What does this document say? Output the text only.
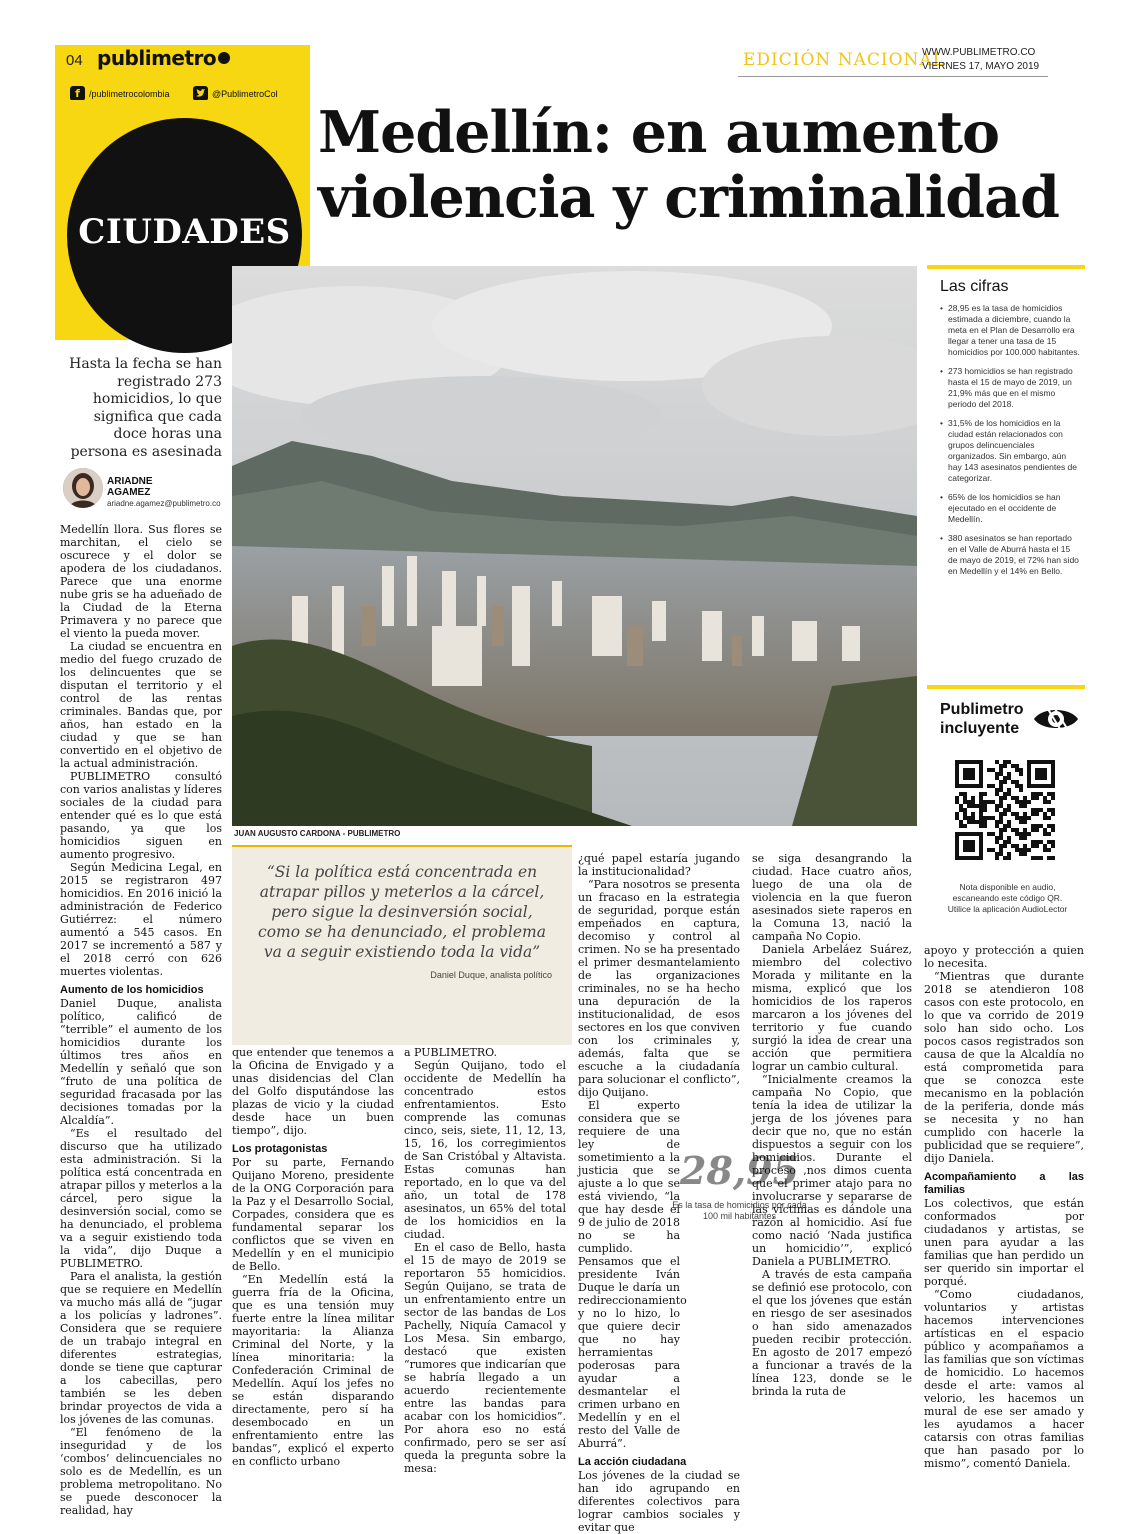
04 publimetro
f	/publimetrocolombia	@PublimetroCol
EDICIÓN NACIONAL
WWW.PUBLIMETRO.CO
VIERNES 17, MAYO 2019
CIUDADES
Medellín: en aumento violencia y criminalidad
JUAN AUGUSTO CARDONA - PUBLIMETRO
Hasta la fecha se han registrado 273 homicidios, lo que significa que cada doce horas una persona es asesinada
ARIADNE
AGAMEZ
ariadne.agamez@publimetro.co

Medellín llora. Sus flores se marchitan, el cielo se oscurece y el dolor se apodera de los ciudadanos. Parece que una enorme nube gris se ha adueñado de la Ciudad de la Eterna Primavera y no parece que el viento la pueda mover.

La ciudad se encuentra en medio del fuego cruzado de los delincuentes que se disputan el territorio y el control de las rentas criminales. Bandas que, por años, han estado en la ciudad y que se han convertido en el objetivo de la actual administración.

PUBLIMETRO consultó con varios analistas y líderes sociales de la ciudad para entender qué es lo que está pasando, ya que los homicidios siguen en aumento progresivo.

Según Medicina Legal, en 2015 se registraron 497 homicidios. En 2016 inició la administración de Federico Gutiérrez: el número aumentó a 545 casos. En 2017 se incrementó a 587 y el 2018 cerró con 626 muertes violentas.

Aumento de los homicidios

Daniel Duque, analista político, calificó de “terrible” el aumento de los homicidios durante los últimos tres años en Medellín y señaló que son “fruto de una política de seguridad fracasada por las decisiones tomadas por la Alcaldía”.

“Es el resultado del discurso que ha utilizado esta administración. Si la política está concentrada en atrapar pillos y meterlos a la cárcel, pero sigue la desinversión social, como se ha denunciado, el problema va a seguir existiendo toda la vida”, dijo Duque a PUBLIMETRO.

Para el analista, la gestión que se requiere en Medellín va mucho más allá de “jugar a los policías y ladrones”. Considera que se requiere de un trabajo integral en diferentes estrategias, donde se tiene que capturar a los cabecillas, pero también se les deben brindar proyectos de vida a los jóvenes de las comunas.

“El fenómeno de la inseguridad y de los ‘combos’ delincuenciales no solo es de Medellín, es un problema metropolitano. No se puede desconocer la realidad, hay

“Si la política está concentrada en atrapar pillos y meterlos a la cárcel, pero sigue la desinversión social, como se ha denunciado, el problema va a seguir existiendo toda la vida”
Daniel Duque, analista político

que entender que tenemos a la Oficina de Envigado y a unas disidencias del Clan del Golfo disputándose las plazas de vicio y la ciudad desde hace un buen tiempo”, dijo.

Los protagonistas

Por su parte, Fernando Quijano Moreno, presidente de la ONG Corporación para la Paz y el Desarrollo Social, Corpades, considera que es fundamental separar los conflictos que se viven en Medellín y en el municipio de Bello.

“En Medellín está la guerra fría de la Oficina, que es una tensión muy fuerte entre la línea militar mayoritaria: la Alianza Criminal del Norte, y la línea minoritaria: la Confederación Criminal de Medellín. Aquí los jefes no se están disparando directamente, pero sí ha desembocado en un enfrentamiento entre las bandas”, explicó el experto en conflicto urbano

a PUBLIMETRO.

Según Quijano, todo el occidente de Medellín ha concentrado estos enfrentamientos. Esto comprende las comunas cinco, seis, siete, 11, 12, 13, 15, 16, los corregimientos de San Cristóbal y Altavista. Estas comunas han reportado, en lo que va del año, un total de 178 asesinatos, un 65% del total de los homicidios en la ciudad.

En el caso de Bello, hasta el 15 de mayo de 2019 se reportaron 55 homicidios. Según Quijano, se trata de un enfrentamiento entre un sector de las bandas de Los Pachelly, Niquía Camacol y Los Mesa. Sin embargo, destacó que existen “rumores que indicarían que se habría llegado a un acuerdo recientemente entre las bandas para acabar con los homicidios”. Por ahora eso no está confirmado, pero se ser así queda la pregunta sobre la mesa:

¿qué papel estaría jugando la institucionalidad?

“Para nosotros se presenta un fracaso en la estrategia de seguridad, porque están empeñados en captura, decomiso y control al crimen. No se ha presentado el primer desmantelamiento de las organizaciones criminales, no se ha hecho una depuración de la institucionalidad, de esos sectores en los que conviven con los criminales y, además, falta que se escuche a la ciudadanía para solucionar el conflicto”, dijo Quijano.

El experto considera que se requiere de una ley de sometimiento a la justicia que se ajuste a lo que se está viviendo, “la que hay desde el 9 de julio de 2018 no se ha cumplido. Pensamos que el presidente Iván Duque le daría un redireccionamiento y no lo hizo, lo que quiere decir que no hay herramientas poderosas para ayudar a desmantelar el crimen urbano en Medellín y en el resto del Valle de Aburrá”.

La acción ciudadana

Los jóvenes de la ciudad se han ido agrupando en diferentes colectivos para lograr cambios sociales y evitar que

28,95
Es la tasa de homicidios por cada 100 mil habitantes

se siga desangrando la ciudad. Hace cuatro años, luego de una ola de violencia en la que fueron asesinados siete raperos en la Comuna 13, nació la campaña No Copio.

Daniela Arbeláez Suárez, miembro del colectivo Morada y militante en la misma, explicó que los homicidios de los raperos marcaron a los jóvenes del territorio y fue cuando surgió la idea de crear una acción que permitiera lograr un cambio cultural.

“Inicialmente creamos la campaña No Copio, que tenía la idea de utilizar la jerga de los jóvenes para decir que no, que no están dispuestos a seguir con los homicidios. Durante el proceso ,nos dimos cuenta que el primer atajo para no involucrarse y separarse de las víctimas es dándole una razón al homicidio. Así fue como nació ‘Nada justifica un homicidio’”, explicó Daniela a PUBLIMETRO.

A través de esta campaña se definió ese protocolo, con el que los jóvenes que están en riesgo de ser asesinados o han sido amenazados pueden recibir protección. En agosto de 2017 empezó a funcionar a través de la línea 123, donde se le brinda la ruta de

apoyo y protección a quien lo necesita.

“Mientras que durante 2018 se atendieron 108 casos con este protocolo, en lo que va corrido de 2019 solo han sido ocho. Los pocos casos registrados son causa de que la Alcaldía no está comprometida para que se conozca este mecanismo en la población de la periferia, donde más se necesita y no han cumplido con hacerle la publicidad que se requiere”, dijo Daniela.

Acompañamiento a las familias

Los colectivos, que están conformados por ciudadanos y artistas, se unen para ayudar a las familias que han perdido un ser querido sin importar el porqué.

“Como ciudadanos, voluntarios y artistas hacemos intervenciones artísticas en el espacio público y acompañamos a las familias que son víctimas de homicidio. Lo hacemos desde el arte: vamos al velorio, les hacemos un mural de ese ser amado y les ayudamos a hacer catarsis con otras familias que han pasado por lo mismo”, comentó Daniela.

Las cifras
• 28,95 es la tasa de homicidios estimada a diciembre, cuando la meta en el Plan de Desarrollo era llegar a tener una tasa de 15 homicidios por 100.000 habitantes.
• 273 homicidios se han registrado hasta el 15 de mayo de 2019, un 21,9% más que en el mismo periodo del 2018.
• 31,5% de los homicidios en la ciudad están relacionados con grupos delincuenciales organizados. Sin embargo, aún hay 143 asesinatos pendientes de categorizar.
• 65% de los homicidios se han ejecutado en el occidente de Medellín.
• 380 asesinatos se han reportado en el Valle de Aburrá hasta el 15 de mayo de 2019, el 72% han sido en Medellín y el 14% en Bello.
Publimetro
incluyente
Nota disponible en audio, escaneando este código QR. Utilice la aplicación AudioLector
